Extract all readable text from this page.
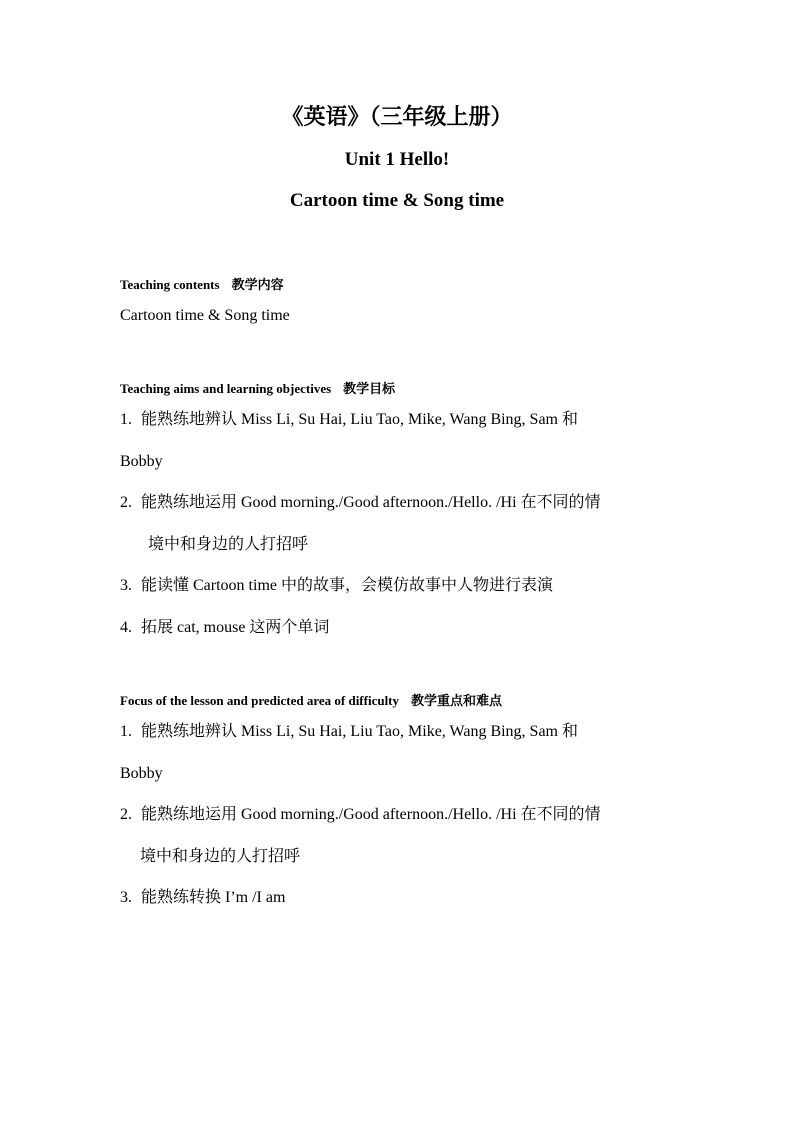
《英语》（三年级上册）
Unit 1 Hello!
Cartoon time & Song time
Teaching contents 教学内容
Cartoon time & Song time
Teaching aims and learning objectives 教学目标
1. 能熟练地辨认 Miss Li, Su Hai, Liu Tao, Mike, Wang Bing, Sam 和
Bobby
2. 能熟练地运用 Good morning./Good afternoon./Hello. /Hi 在不同的情
境中和身边的人打招呼
3. 能读懂 Cartoon time 中的故事，会模仿故事中人物进行表演
4. 拓展 cat, mouse 这两个单词
Focus of the lesson and predicted area of difficulty 教学重点和难点
1. 能熟练地辨认 Miss Li, Su Hai, Liu Tao, Mike, Wang Bing, Sam 和
Bobby
2. 能熟练地运用 Good morning./Good afternoon./Hello. /Hi 在不同的情
境中和身边的人打招呼
3. 能熟练转换 I’m /I am
